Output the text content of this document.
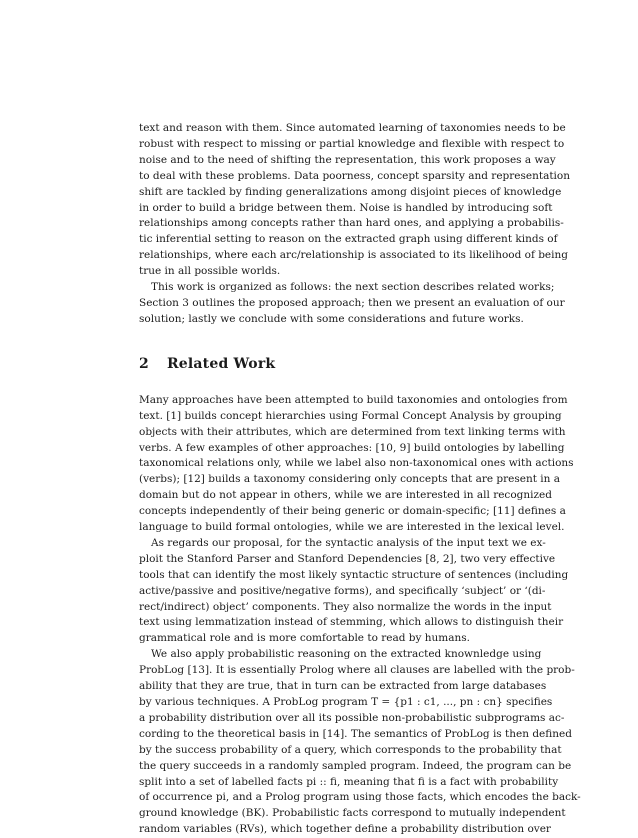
text and reason with them. Since automated learning of taxonomies needs to be
robust with respect to missing or partial knowledge and flexible with respect to
noise and to the need of shifting the representation, this work proposes a way
to deal with these problems. Data poorness, concept sparsity and representation
shift are tackled by finding generalizations among disjoint pieces of knowledge
in order to build a bridge between them. Noise is handled by introducing soft
relationships among concepts rather than hard ones, and applying a probabilis-
tic inferential setting to reason on the extracted graph using different kinds of
relationships, where each arc/relationship is associated to its likelihood of being
true in all possible worlds.
This work is organized as follows: the next section describes related works;
Section 3 outlines the proposed approach; then we present an evaluation of our
solution; lastly we conclude with some considerations and future works.
2 Related Work
Many approaches have been attempted to build taxonomies and ontologies from
text. [1] builds concept hierarchies using Formal Concept Analysis by grouping
objects with their attributes, which are determined from text linking terms with
verbs. A few examples of other approaches: [10, 9] build ontologies by labelling
taxonomical relations only, while we label also non-taxonomical ones with actions
(verbs); [12] builds a taxonomy considering only concepts that are present in a
domain but do not appear in others, while we are interested in all recognized
concepts independently of their being generic or domain-specific; [11] defines a
language to build formal ontologies, while we are interested in the lexical level.
As regards our proposal, for the syntactic analysis of the input text we ex-
ploit the Stanford Parser and Stanford Dependencies [8, 2], two very effective
tools that can identify the most likely syntactic structure of sentences (including
active/passive and positive/negative forms), and specifically ‘subject’ or ‘(di-
rect/indirect) object’ components. They also normalize the words in the input
text using lemmatization instead of stemming, which allows to distinguish their
grammatical role and is more comfortable to read by humans.
We also apply probabilistic reasoning on the extracted knownledge using
ProbLog [13]. It is essentially Prolog where all clauses are labelled with the prob-
ability that they are true, that in turn can be extracted from large databases
by various techniques. A ProbLog program T = {p1 : c1, ..., pn : cn} specifies
a probability distribution over all its possible non-probabilistic subprograms ac-
cording to the theoretical basis in [14]. The semantics of ProbLog is then defined
by the success probability of a query, which corresponds to the probability that
the query succeeds in a randomly sampled program. Indeed, the program can be
split into a set of labelled facts pi :: fi, meaning that fi is a fact with probability
of occurrence pi, and a Prolog program using those facts, which encodes the back-
ground knowledge (BK). Probabilistic facts correspond to mutually independent
random variables (RVs), which together define a probability distribution over
